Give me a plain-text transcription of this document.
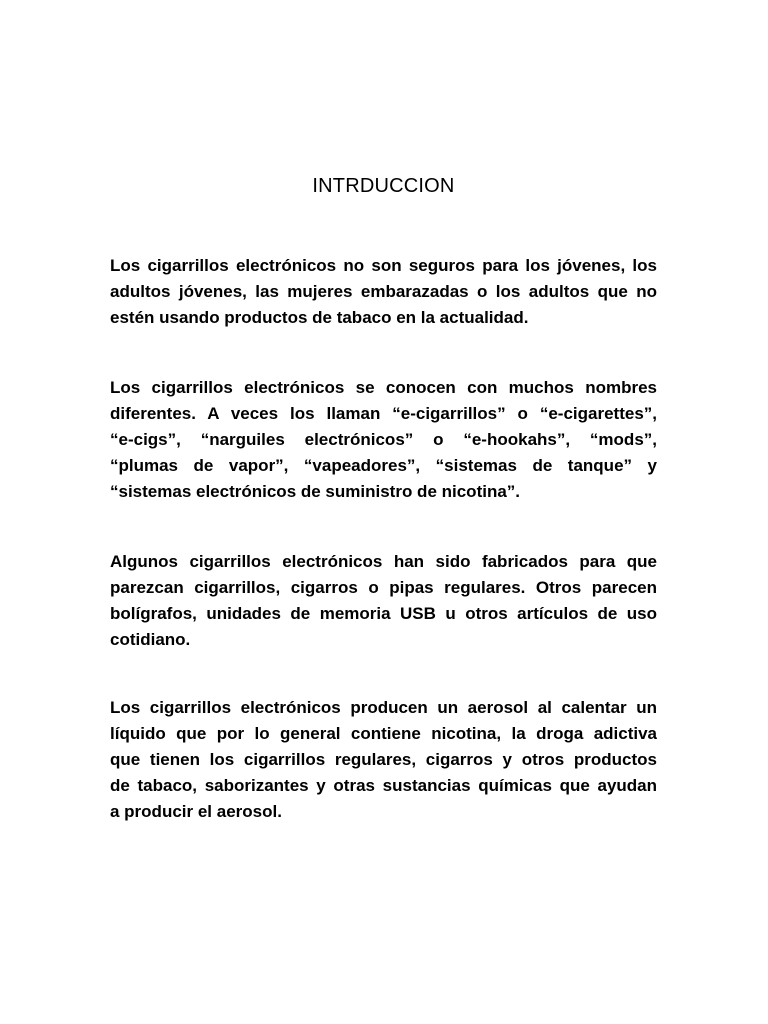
INTRDUCCION
Los cigarrillos electrónicos no son seguros para los jóvenes, los
adultos jóvenes, las mujeres embarazadas o los adultos que no
estén usando productos de tabaco en la actualidad.
Los cigarrillos electrónicos se conocen con muchos nombres
diferentes. A veces los llaman “e-cigarrillos” o “e-cigarettes”,
“e-cigs”, “narguiles electrónicos” o “e-hookahs”, “mods”,
“plumas de vapor”, “vapeadores”, “sistemas de tanque” y
“sistemas electrónicos de suministro de nicotina”.
Algunos cigarrillos electrónicos han sido fabricados para que
parezcan cigarrillos, cigarros o pipas regulares. Otros parecen
bolígrafos, unidades de memoria USB u otros artículos de uso
cotidiano.
Los cigarrillos electrónicos producen un aerosol al calentar un
líquido que por lo general contiene nicotina, la droga adictiva
que tienen los cigarrillos regulares, cigarros y otros productos
de tabaco, saborizantes y otras sustancias químicas que ayudan
a producir el aerosol.
